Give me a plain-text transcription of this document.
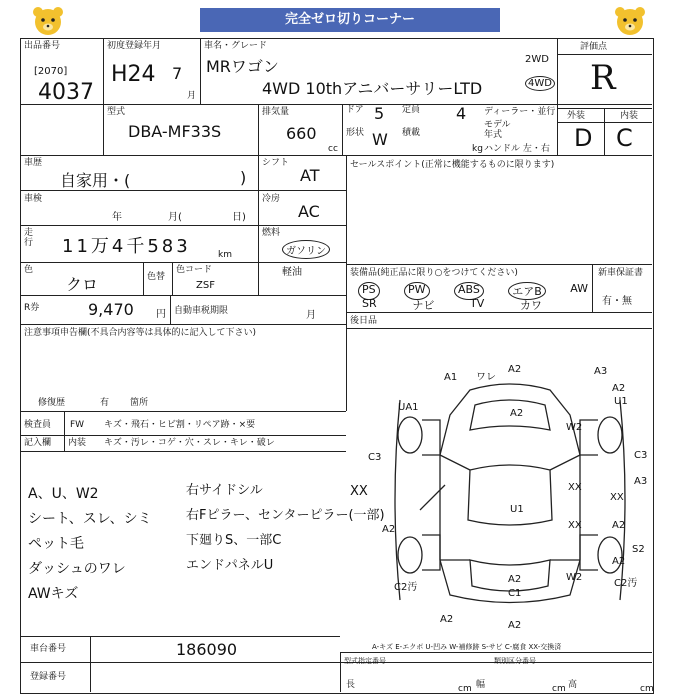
完全ゼロ切りコーナー
出品番号
[2070]
4037
初度登録年月
H24 7
月
車名・グレード
MRワゴン
4WD 10thアニバーサリーLTD
2WD
4WD
評価点
R
型式
DBA-MF33S
排気量
660
cc
ドア 5 定員 4 ディーラー・並行
モデル年式
形状 W 積載
kg ハンドル 左・右
外装	内装
D C
車歴
自家用・(	)
シフト
AT
車検
年	月(	日)
冷房
AC
走行 11万4千583	km
燃料
ガソリン
軽油
色
クロ	色替
色コード
ZSF
R券	9,470 円 自動車税期限	月
注意事項申告欄(不具合内容等は具体的に記入して下さい)
修復歴	有 箇所
セールスポイント(正常に機能するものに限ります)
装備品(純正品に限り○をつけてください)
PS	PW	ABS	エアB	AW
SR	ナビ	TV	カワ
新車保証書
有・無
後日品
検査員
記入欄
FW
内装
キズ・飛石・ヒビ割・リペア跡・×要
キズ・汚レ・コゲ・穴・スレ・キレ・破レ
A、U、W2
シート、スレ、シミ
ペット毛
ダッシュのワレ
AWキズ
右サイドシル
右Fピラー、センターピラー(一部)
下廻りS、一部C
エンドパネルU
XX
A1 ワレ
A2	A3
A2
U1
UA1
A2
W2
C3	C3
A3
XX
XX
U1
XX	A2
A2
S2
A2
W2
C2汚	C2汚
A2
C1
A2
A2
A-キズ E-エクボ U-凹み W-補修跡 S-サビ C-腐食 XX-交換済
車台番号	186090
登録番号
型式指定番号	類別区分番号
長	cm 幅	cm 高	cm
